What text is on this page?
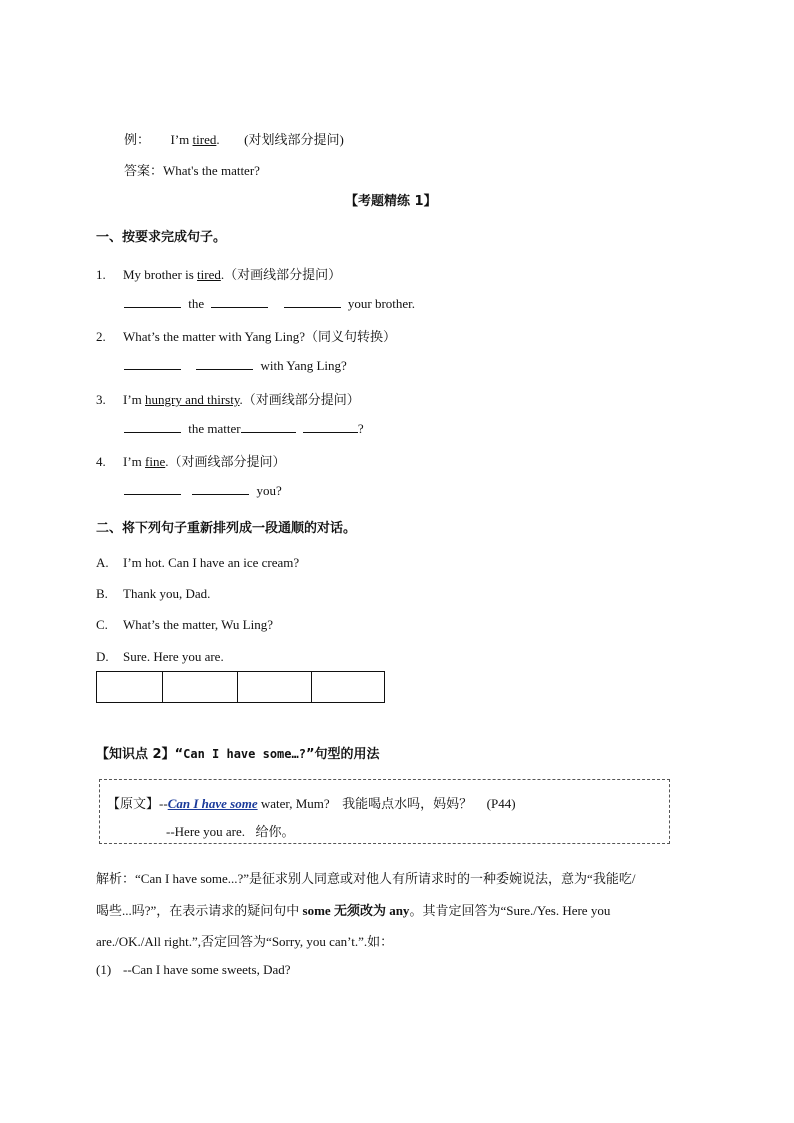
例： I’m tired. (对划线部分提问)
答案：What's the matter?
【考题精练 1】
一、按要求完成句子。
1. My brother is tired.（对画线部分提问）
the	your brother.
2. What’s the matter with Yang Ling?（同义句转换）
with Yang Ling?
3. I’m hungry and thirsty.（对画线部分提问）
the matter	?
4. I’m fine.（对画线部分提问）
you?
二、将下列句子重新排列成一段通顺的对话。
A. I’m hot. Can I have an ice cream?
B. Thank you, Dad.
C. What’s the matter, Wu Ling?
D. Sure. Here you are.

【知识点 2】“Can I have some…?”句型的用法
【原文】--Can I have some water, Mum? 我能喝点水吗，妈妈？ (P44)
--Here you are. 给你。
解析：“Can I have some...?”是征求别人同意或对他人有所请求时的一种委婉说法，意为“我能吃/
喝些...吗?”，在表示请求的疑问句中 some 无须改为 any。其肯定回答为“Sure./Yes. Here you
are./OK./All right.”,否定回答为“Sorry, you can’t.”.如：
(1) --Can I have some sweets, Dad?
